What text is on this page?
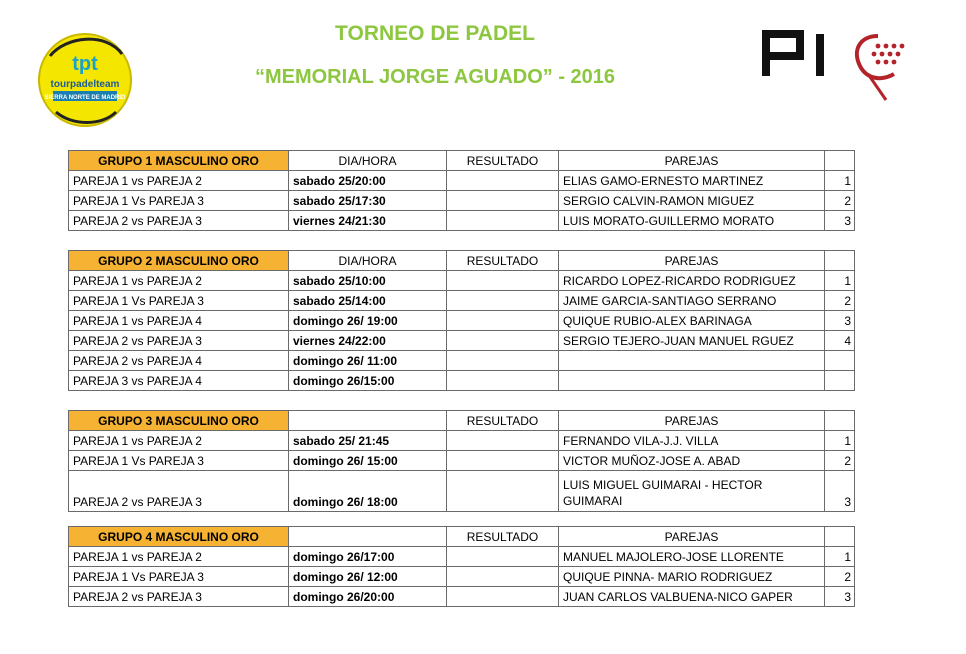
tpt
tourpadelteam
SIERRA NORTE DE MADRID
TORNEO DE PADEL
“MEMORIAL JORGE AGUADO” - 2016
GRUPO 1 MASCULINO ORO	DIA/HORA	RESULTADO	PAREJAS	
PAREJA 1 vs PAREJA 2	sabado 25/20:00		ELIAS GAMO-ERNESTO MARTINEZ	1
PAREJA 1 Vs PAREJA 3	sabado 25/17:30		SERGIO CALVIN-RAMON MIGUEZ	2
PAREJA 2 vs PAREJA 3	viernes 24/21:30		LUIS MORATO-GUILLERMO MORATO	3
GRUPO 2 MASCULINO ORO	DIA/HORA	RESULTADO	PAREJAS	
PAREJA 1 vs PAREJA 2	sabado 25/10:00		RICARDO LOPEZ-RICARDO RODRIGUEZ	1
PAREJA 1 Vs PAREJA 3	sabado 25/14:00		JAIME GARCIA-SANTIAGO SERRANO	2
PAREJA 1 vs PAREJA 4	domingo 26/ 19:00		QUIQUE RUBIO-ALEX BARINAGA	3
PAREJA 2 vs PAREJA 3	viernes 24/22:00		SERGIO TEJERO-JUAN MANUEL RGUEZ	4
PAREJA 2 vs PAREJA 4	domingo 26/ 11:00			
PAREJA 3 vs PAREJA 4	domingo 26/15:00			
GRUPO 3 MASCULINO ORO		RESULTADO	PAREJAS	
PAREJA 1 vs PAREJA 2	sabado 25/ 21:45		FERNANDO VILA-J.J. VILLA	1
PAREJA 1 Vs PAREJA 3	domingo 26/ 15:00		VICTOR MUÑOZ-JOSE A. ABAD	2
PAREJA 2 vs PAREJA 3	domingo 26/ 18:00		LUIS MIGUEL GUIMARAI - HECTOR GUIMARAI	3
GRUPO 4 MASCULINO ORO		RESULTADO	PAREJAS	
PAREJA 1 vs PAREJA 2	domingo 26/17:00		MANUEL MAJOLERO-JOSE LLORENTE	1
PAREJA 1 Vs PAREJA 3	domingo 26/ 12:00		QUIQUE PINNA- MARIO RODRIGUEZ	2
PAREJA 2 vs PAREJA 3	domingo 26/20:00		JUAN CARLOS VALBUENA-NICO GAPER	3
